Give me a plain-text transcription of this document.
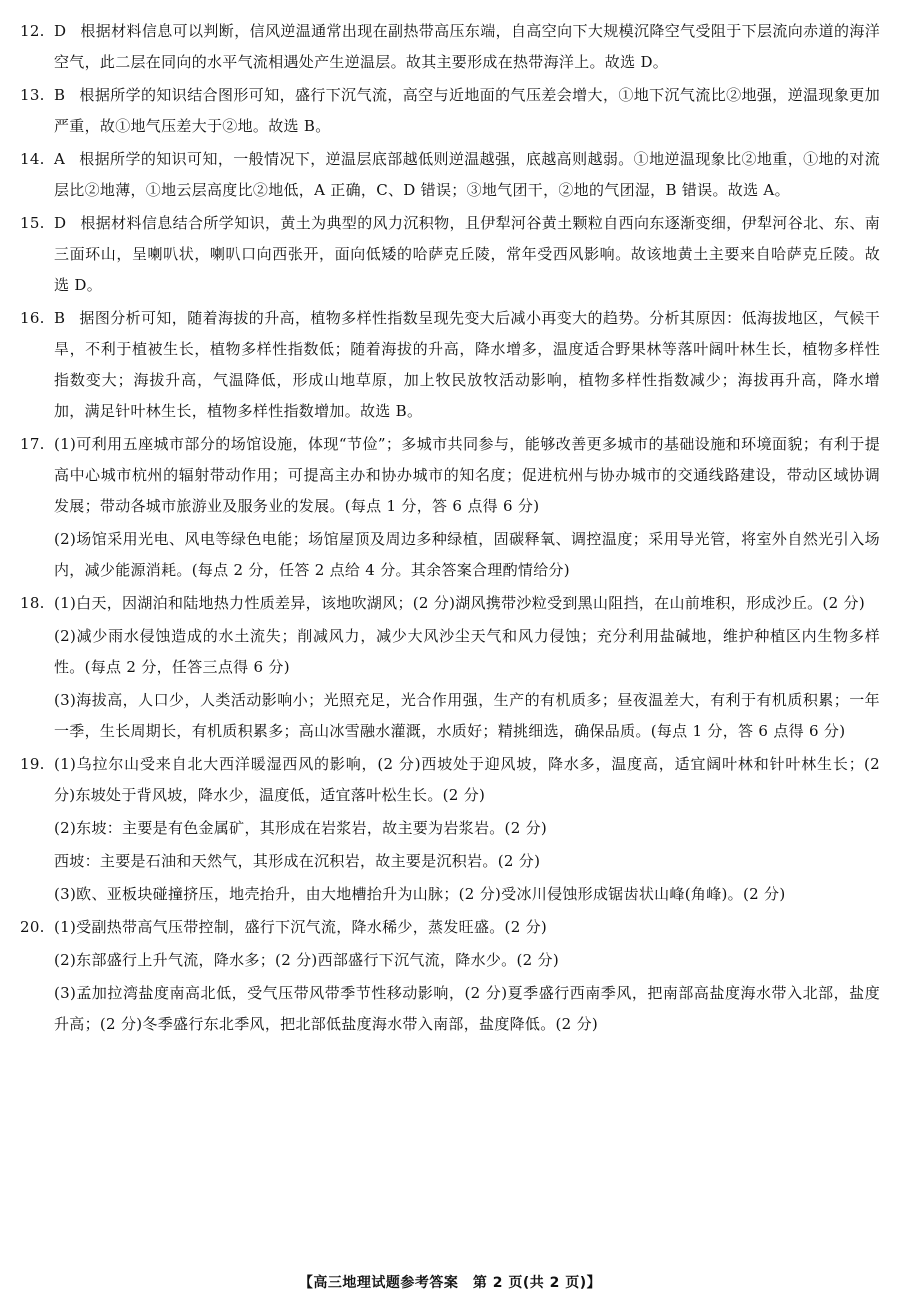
12. D 根据材料信息可以判断，信风逆温通常出现在副热带高压东端，自高空向下大规模沉降空气受阻于下层流向赤道的海洋空气，此二层在同向的水平气流相遇处产生逆温层。故其主要形成在热带海洋上。故选 D。
13. B 根据所学的知识结合图形可知，盛行下沉气流，高空与近地面的气压差会增大，①地下沉气流比②地强，逆温现象更加严重，故①地气压差大于②地。故选 B。
14. A 根据所学的知识可知，一般情况下，逆温层底部越低则逆温越强，底越高则越弱。①地逆温现象比②地重，①地的对流层比②地薄，①地云层高度比②地低，A 正确，C、D 错误；③地气团干，②地的气团湿，B 错误。故选 A。
15. D 根据材料信息结合所学知识，黄土为典型的风力沉积物，且伊犁河谷黄土颗粒自西向东逐渐变细，伊犁河谷北、东、南三面环山，呈喇叭状，喇叭口向西张开，面向低矮的哈萨克丘陵，常年受西风影响。故该地黄土主要来自哈萨克丘陵。故选 D。
16. B 据图分析可知，随着海拔的升高，植物多样性指数呈现先变大后减小再变大的趋势。分析其原因：低海拔地区，气候干旱，不利于植被生长，植物多样性指数低；随着海拔的升高，降水增多，温度适合野果林等落叶阔叶林生长，植物多样性指数变大；海拔升高，气温降低，形成山地草原，加上牧民放牧活动影响，植物多样性指数减少；海拔再升高，降水增加，满足针叶林生长，植物多样性指数增加。故选 B。
17. (1)可利用五座城市部分的场馆设施，体现“节俭”；多城市共同参与，能够改善更多城市的基础设施和环境面貌；有利于提高中心城市杭州的辐射带动作用；可提高主办和协办城市的知名度；促进杭州与协办城市的交通线路建设，带动区域协调发展；带动各城市旅游业及服务业的发展。(每点 1 分，答 6 点得 6 分)
(2)场馆采用光电、风电等绿色电能；场馆屋顶及周边多种绿植，固碳释氧、调控温度；采用导光管，将室外自然光引入场内，减少能源消耗。(每点 2 分，任答 2 点给 4 分。其余答案合理酌情给分)
18. (1)白天，因湖泊和陆地热力性质差异，该地吹湖风；(2 分)湖风携带沙粒受到黑山阻挡，在山前堆积，形成沙丘。(2 分)
(2)减少雨水侵蚀造成的水土流失；削减风力，减少大风沙尘天气和风力侵蚀；充分利用盐碱地，维护种植区内生物多样性。(每点 2 分，任答三点得 6 分)
(3)海拔高，人口少，人类活动影响小；光照充足，光合作用强，生产的有机质多；昼夜温差大，有利于有机质积累；一年一季，生长周期长，有机质积累多；高山冰雪融水灌溉，水质好；精挑细选，确保品质。(每点 1 分，答 6 点得 6 分)
19. (1)乌拉尔山受来自北大西洋暖湿西风的影响，(2 分)西坡处于迎风坡，降水多，温度高，适宜阔叶林和针叶林生长；(2 分)东坡处于背风坡，降水少，温度低，适宜落叶松生长。(2 分)
(2)东坡：主要是有色金属矿，其形成在岩浆岩，故主要为岩浆岩。(2 分)
西坡：主要是石油和天然气，其形成在沉积岩，故主要是沉积岩。(2 分)
(3)欧、亚板块碰撞挤压，地壳抬升，由大地槽抬升为山脉；(2 分)受冰川侵蚀形成锯齿状山峰(角峰)。(2 分)
20. (1)受副热带高气压带控制，盛行下沉气流，降水稀少，蒸发旺盛。(2 分)
(2)东部盛行上升气流，降水多；(2 分)西部盛行下沉气流，降水少。(2 分)
(3)孟加拉湾盐度南高北低，受气压带风带季节性移动影响，(2 分)夏季盛行西南季风，把南部高盐度海水带入北部，盐度升高；(2 分)冬季盛行东北季风，把北部低盐度海水带入南部，盐度降低。(2 分)
【高三地理试题参考答案　第 2 页(共 2 页)】
